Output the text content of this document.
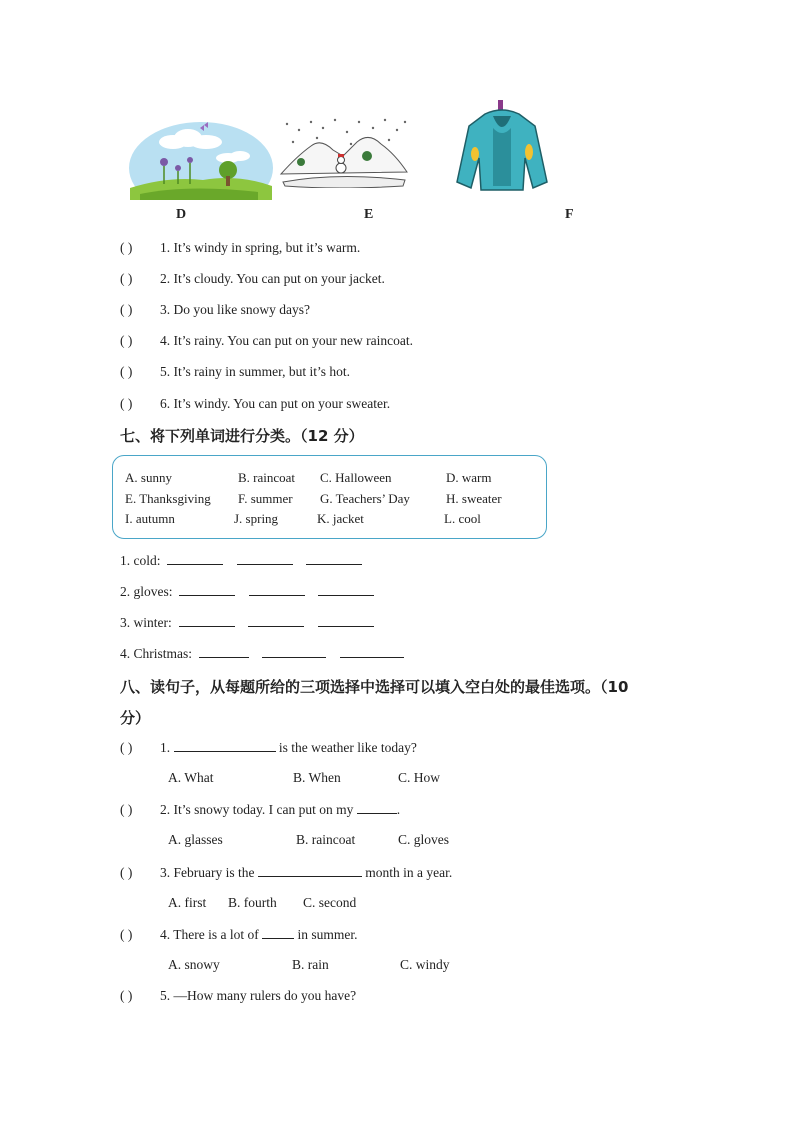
D	E	F
( ) 1. It’s windy in spring, but it’s warm.
( ) 2. It’s cloudy. You can put on your jacket.
( ) 3. Do you like snowy days?
( ) 4. It’s rainy. You can put on your new raincoat.
( ) 5. It’s rainy in summer, but it’s hot.
( ) 6. It’s windy. You can put on your sweater.
七、将下列单词进行分类。（12 分）
A. sunny	B. raincoat C. Halloween	D. warm
E. Thanksgiving F. summer G. Teachers’ Day	H. sweater
I. autumn	J. spring	K. jacket	L. cool
1. cold:
2. gloves:
3. winter:
4. Christmas:
八、读句子，从每题所给的三项选择中选择可以填入空白处的最佳选项。（10
分）
( ) 1.	is the weather like today?
A. What	B. When	C. How
( ) 2. It’s snowy today. I can put on my	.
A. glasses	B. raincoat	C. gloves
( ) 3. February is the	month in a year.
A. first B. fourth C. second
( ) 4. There is a lot of	in summer.
A. snowy	B. rain	C. windy
( ) 5. —How many rulers do you have?
